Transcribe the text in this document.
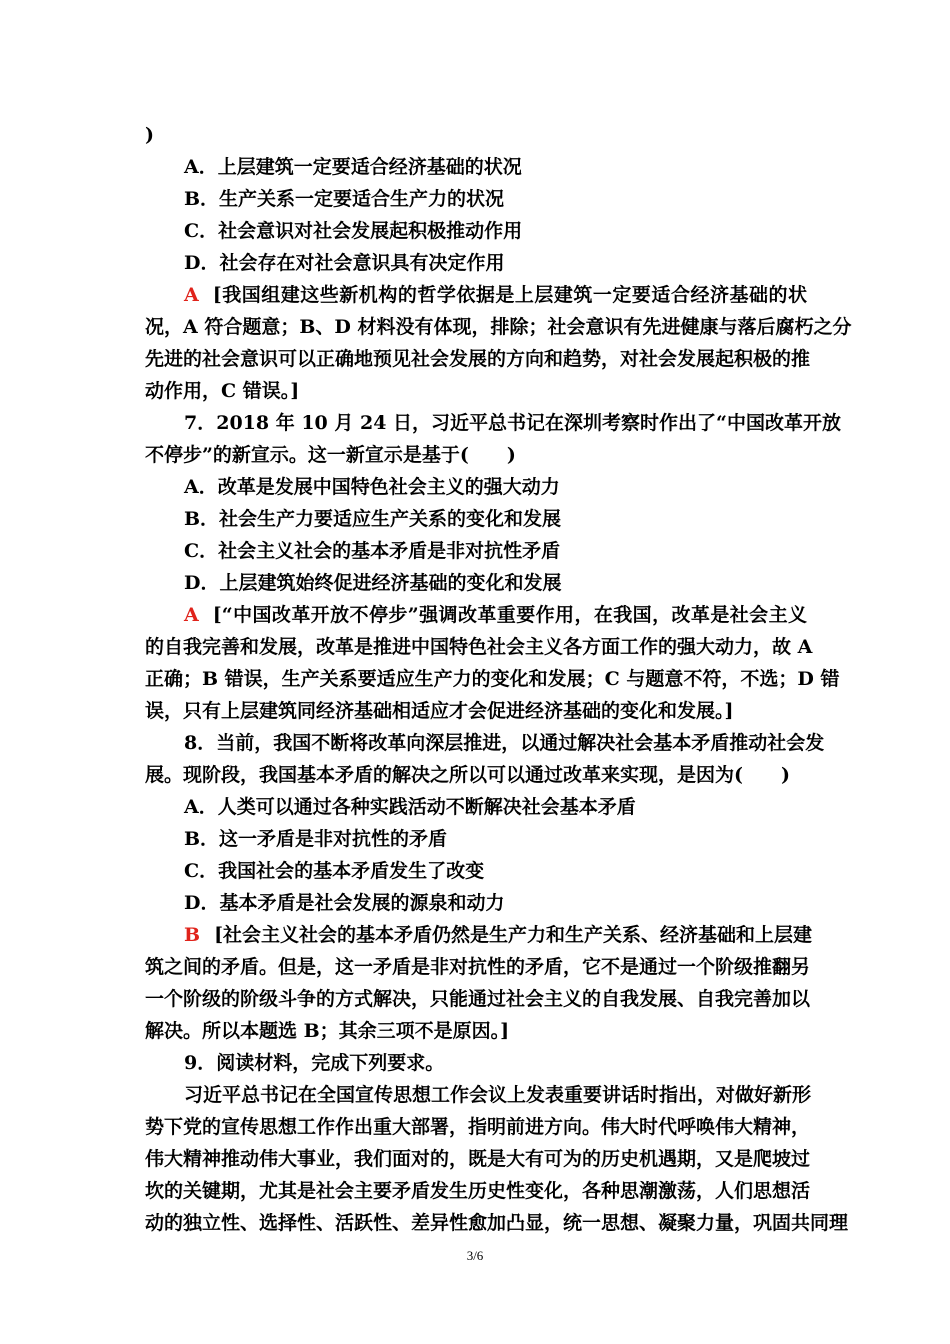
)
A．上层建筑一定要适合经济基础的状况
B．生产关系一定要适合生产力的状况
C．社会意识对社会发展起积极推动作用
D．社会存在对社会意识具有决定作用
A [我国组建这些新机构的哲学依据是上层建筑一定要适合经济基础的状
况，A 符合题意；B、D 材料没有体现，排除；社会意识有先进健康与落后腐朽之分
先进的社会意识可以正确地预见社会发展的方向和趋势，对社会发展起积极的推
动作用，C 错误。]
7．2018 年 10 月 24 日，习近平总书记在深圳考察时作出了“中国改革开放
不停步”的新宣示。这一新宣示是基于(　　)
A．改革是发展中国特色社会主义的强大动力
B．社会生产力要适应生产关系的变化和发展
C．社会主义社会的基本矛盾是非对抗性矛盾
D．上层建筑始终促进经济基础的变化和发展
A [“中国改革开放不停步”强调改革重要作用，在我国，改革是社会主义
的自我完善和发展，改革是推进中国特色社会主义各方面工作的强大动力，故 A
正确；B 错误，生产关系要适应生产力的变化和发展；C 与题意不符，不选；D 错
误，只有上层建筑同经济基础相适应才会促进经济基础的变化和发展。]
8．当前，我国不断将改革向深层推进，以通过解决社会基本矛盾推动社会发
展。现阶段，我国基本矛盾的解决之所以可以通过改革来实现，是因为(　　)
A．人类可以通过各种实践活动不断解决社会基本矛盾
B．这一矛盾是非对抗性的矛盾
C．我国社会的基本矛盾发生了改变
D．基本矛盾是社会发展的源泉和动力
B [社会主义社会的基本矛盾仍然是生产力和生产关系、经济基础和上层建
筑之间的矛盾。但是，这一矛盾是非对抗性的矛盾，它不是通过一个阶级推翻另
一个阶级的阶级斗争的方式解决，只能通过社会主义的自我发展、自我完善加以
解决。所以本题选 B；其余三项不是原因。]
9．阅读材料，完成下列要求。
习近平总书记在全国宣传思想工作会议上发表重要讲话时指出，对做好新形
势下党的宣传思想工作作出重大部署，指明前进方向。伟大时代呼唤伟大精神，
伟大精神推动伟大事业，我们面对的，既是大有可为的历史机遇期，又是爬坡过
坎的关键期，尤其是社会主要矛盾发生历史性变化，各种思潮激荡，人们思想活
动的独立性、选择性、活跃性、差异性愈加凸显，统一思想、凝聚力量，巩固共同理
3/6
